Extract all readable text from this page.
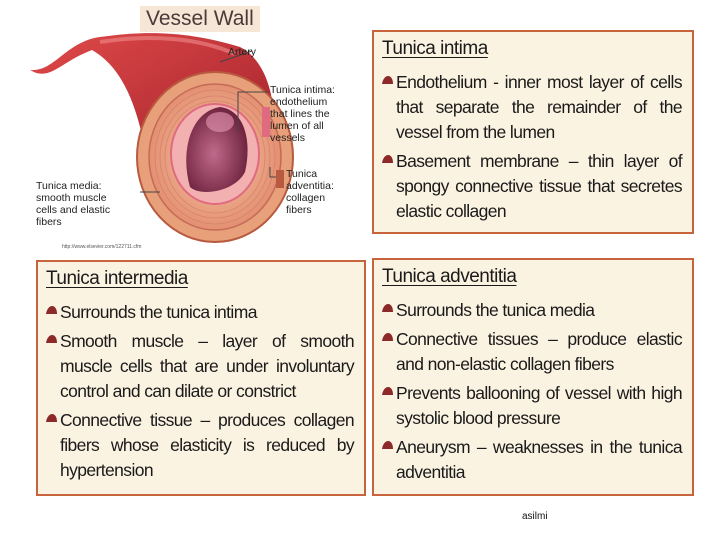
Vessel Wall
Artery
Tunica intima:
endothelium
that lines the
lumen of all
vessels
Tunica media:
smooth muscle
cells and elastic
fibers
Tunica
adventitia:
collagen
fibers
http://www.elsevier.com/122711.cfm
Tunica intima
Endothelium - inner most layer of cells that separate the remainder of the vessel from the lumen
Basement membrane – thin layer of spongy connective tissue that secretes elastic collagen
Tunica intermedia
Surrounds the tunica intima
Smooth muscle – layer of smooth muscle cells that are under involuntary control and can dilate or constrict
Connective tissue – produces collagen fibers whose elasticity is reduced by hypertension
Tunica adventitia
Surrounds the tunica media
Connective tissues – produce elastic and non-elastic collagen fibers
Prevents ballooning of vessel with high systolic blood pressure
Aneurysm – weaknesses in the tunica adventitia
asilmi
